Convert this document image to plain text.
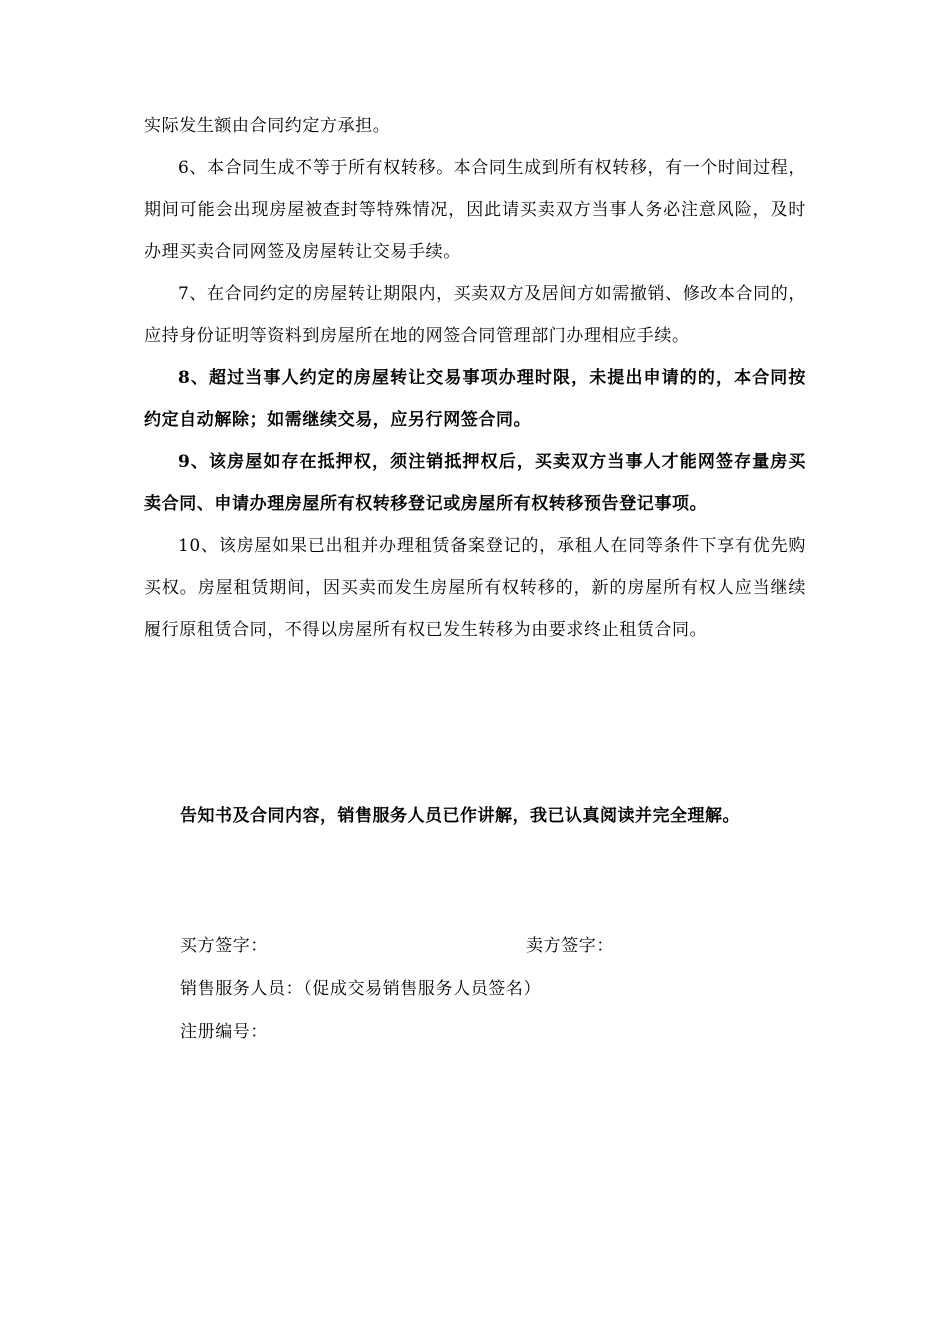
实际发生额由合同约定方承担。

6、本合同生成不等于所有权转移。本合同生成到所有权转移，有一个时间过程，期间可能会出现房屋被查封等特殊情况，因此请买卖双方当事人务必注意风险，及时办理买卖合同网签及房屋转让交易手续。

7、在合同约定的房屋转让期限内，买卖双方及居间方如需撤销、修改本合同的，应持身份证明等资料到房屋所在地的网签合同管理部门办理相应手续。

8、超过当事人约定的房屋转让交易事项办理时限，未提出申请的的，本合同按约定自动解除；如需继续交易，应另行网签合同。

9、该房屋如存在抵押权，须注销抵押权后，买卖双方当事人才能网签存量房买卖合同、申请办理房屋所有权转移登记或房屋所有权转移预告登记事项。

10、该房屋如果已出租并办理租赁备案登记的，承租人在同等条件下享有优先购买权。房屋租赁期间，因买卖而发生房屋所有权转移的，新的房屋所有权人应当继续履行原租赁合同，不得以房屋所有权已发生转移为由要求终止租赁合同。

告知书及合同内容，销售服务人员已作讲解，我已认真阅读并完全理解。

买方签字：	卖方签字：

销售服务人员：（促成交易销售服务人员签名）

注册编号：
